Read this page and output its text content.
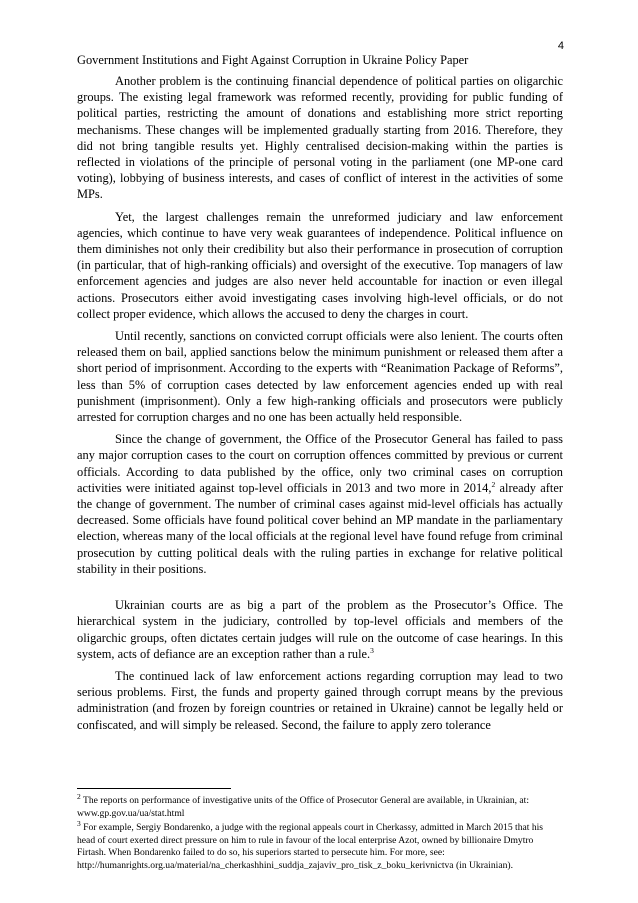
4
Government Institutions and Fight Against Corruption in Ukraine Policy Paper

Another problem is the continuing financial dependence of political parties on oligarchic groups. The existing legal framework was reformed recently, providing for public funding of political parties, restricting the amount of donations and establishing more strict reporting mechanisms. These changes will be implemented gradually starting from 2016. Therefore, they did not bring tangible results yet. Highly centralised decision-making within the parties is reflected in violations of the principle of personal voting in the parliament (one MP-one card voting), lobbying of business interests, and cases of conflict of interest in the activities of some MPs.

Yet, the largest challenges remain the unreformed judiciary and law enforcement agencies, which continue to have very weak guarantees of independence. Political influence on them diminishes not only their credibility but also their performance in prosecution of corruption (in particular, that of high-ranking officials) and oversight of the executive. Top managers of law enforcement agencies and judges are also never held accountable for inaction or even illegal actions. Prosecutors either avoid investigating cases involving high-level officials, or do not collect proper evidence, which allows the accused to deny the charges in court.

Until recently, sanctions on convicted corrupt officials were also lenient. The courts often released them on bail, applied sanctions below the minimum punishment or released them after a short period of imprisonment. According to the experts with “Reanimation Package of Reforms”, less than 5% of corruption cases detected by law enforcement agencies ended up with real punishment (imprisonment). Only a few high-ranking officials and prosecutors were publicly arrested for corruption charges and no one has been actually held responsible.

Since the change of government, the Office of the Prosecutor General has failed to pass any major corruption cases to the court on corruption offences committed by previous or current officials. According to data published by the office, only two criminal cases on corruption activities were initiated against top-level officials in 2013 and two more in 2014,$^2$ already after the change of government. The number of criminal cases against mid-level officials has actually decreased. Some officials have found political cover behind an MP mandate in the parliamentary election, whereas many of the local officials at the regional level have found refuge from criminal prosecution by cutting political deals with the ruling parties in exchange for relative political stability in their positions.

Ukrainian courts are as big a part of the problem as the Prosecutor’s Office. The hierarchical system in the judiciary, controlled by top-level officials and members of the oligarchic groups, often dictates certain judges will rule on the outcome of case hearings. In this system, acts of defiance are an exception rather than a rule.$^3$

The continued lack of law enforcement actions regarding corruption may lead to two serious problems. First, the funds and property gained through corrupt means by the previous administration (and frozen by foreign countries or retained in Ukraine) cannot be legally held or confiscated, and will simply be released. Second, the failure to apply zero tolerance

$^2$ The reports on performance of investigative units of the Office of Prosecutor General are available, in Ukrainian, at: www.gp.gov.ua/ua/stat.html

$^3$ For example, Sergiy Bondarenko, a judge with the regional appeals court in Cherkassy, admitted in March 2015 that his head of court exerted direct pressure on him to rule in favour of the local enterprise Azot, owned by billionaire Dmytro Firtash. When Bondarenko failed to do so, his superiors started to persecute him. For more, see: http://humanrights.org.ua/material/na_cherkashhini_suddja_zajaviv_pro_tisk_z_boku_kerivnictva (in Ukrainian).
